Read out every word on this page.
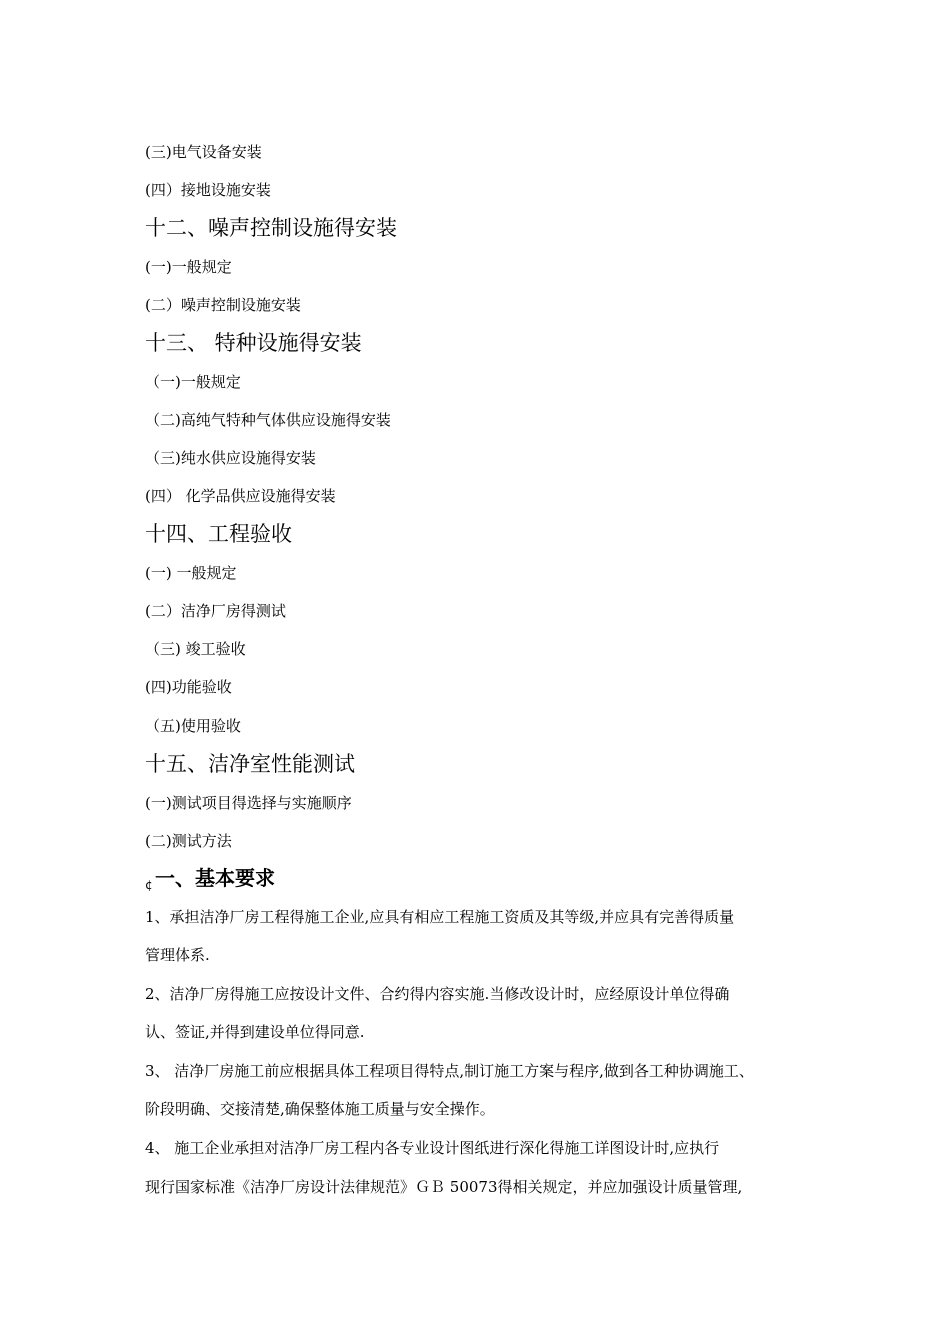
(三)电气设备安装
(四）接地设施安装
十二、噪声控制设施得安装
(一)一般规定
(二）噪声控制设施安装
十三、 特种设施得安装
（一)一般规定
（二)高纯气特种气体供应设施得安装
（三)纯水供应设施得安装
(四） 化学品供应设施得安装
十四、工程验收
(一) 一般规定
(二）洁净厂房得测试
（三) 竣工验收
(四)功能验收
（五)使用验收
十五、洁净室性能测试
(一)测试项目得选择与实施顺序
(二)测试方法
¢ 一、基本要求
1、承担洁净厂房工程得施工企业,应具有相应工程施工资质及其等级,并应具有完善得质量
管理体系.
2、洁净厂房得施工应按设计文件、合约得内容实施.当修改设计时，应经原设计单位得确
认、签证,并得到建设单位得同意.
3、 洁净厂房施工前应根据具体工程项目得特点,制订施工方案与程序,做到各工种协调施工、
阶段明确、交接清楚,确保整体施工质量与安全操作。
4、 施工企业承担对洁净厂房工程内各专业设计图纸进行深化得施工详图设计时,应执行
现行国家标准《洁净厂房设计法律规范》ＧＢ 50073得相关规定，并应加强设计质量管理,
